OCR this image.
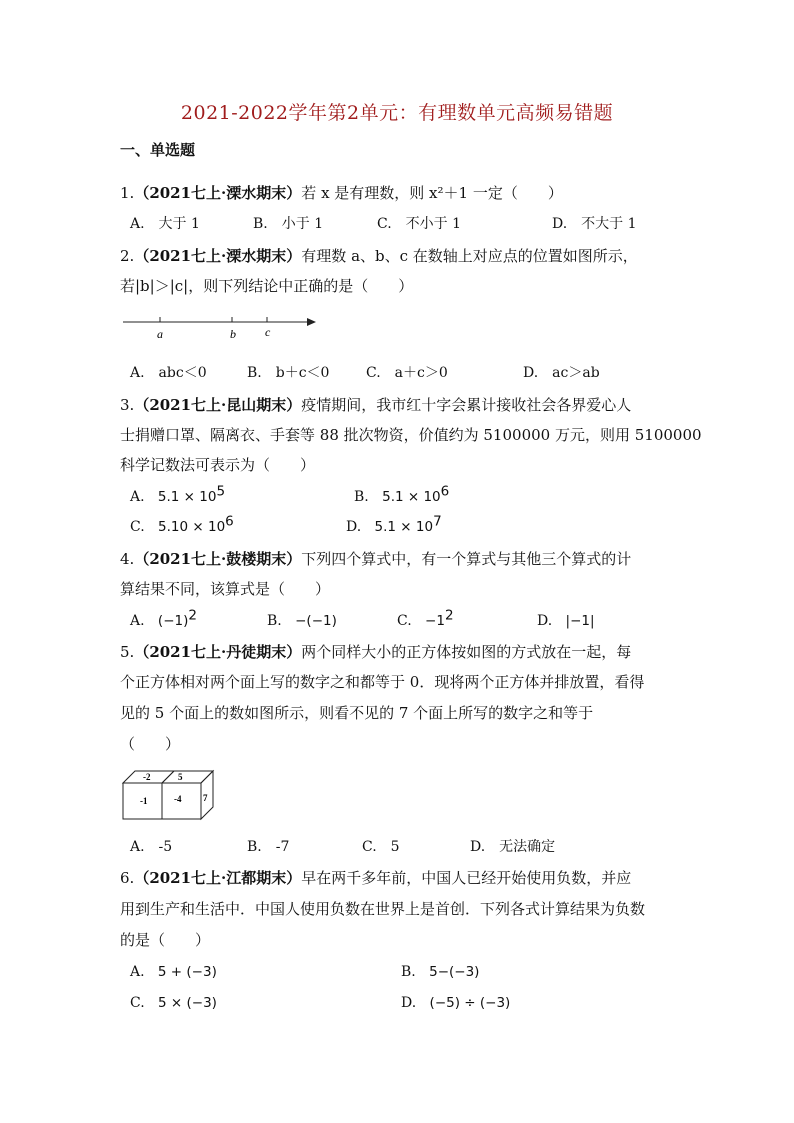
2021-2022学年第2单元：有理数单元高频易错题
一、单选题
1.（2021七上·溧水期末）若 x 是有理数，则 x²＋1 一定（　　）
A.　大于 1	B.　小于 1	C.　不小于 1	D.　不大于 1
2.（2021七上·溧水期末）有理数 a、b、c 在数轴上对应点的位置如图所示，
若|b|＞|c|，则下列结论中正确的是（　　）
a	b c
A.　abc＜0	B.　b＋c＜0	C.　a＋c＞0	D.　ac＞ab
3.（2021七上·昆山期末）疫情期间，我市红十字会累计接收社会各界爱心人
士捐赠口罩、隔离衣、手套等 88 批次物资，价值约为 5100000 万元，则用 5100000
科学记数法可表示为（　　）
A. $5.1 \times 10^5$	B. $5.1 \times 10^6$
C. $5.10 \times 10^6$	D. $5.1 \times 10^7$
4.（2021七上·鼓楼期末）下列四个算式中，有一个算式与其他三个算式的计
算结果不同，该算式是（　　）
A. $(-1)^2$	B. −(−1)	C. $-1^2$	D. |−1|
5.（2021七上·丹徒期末）两个同样大小的正方体按如图的方式放在一起，每
个正方体相对两个面上写的数字之和都等于 0．现将两个正方体并排放置，看得
见的 5 个面上的数如图所示，则看不见的 7 个面上所写的数字之和等于
（　　）
-2	5
-1	-4 7
A.　-5	B.　-7	C.　5	D.　无法确定
6.（2021七上·江都期末）早在两千多年前，中国人已经开始使用负数，并应
用到生产和生活中．中国人使用负数在世界上是首创．下列各式计算结果为负数
的是（　　）
A. 5 + (−3)	B. 5−(−3)
C. 5 × (−3)	D. (−5) ÷ (−3)
